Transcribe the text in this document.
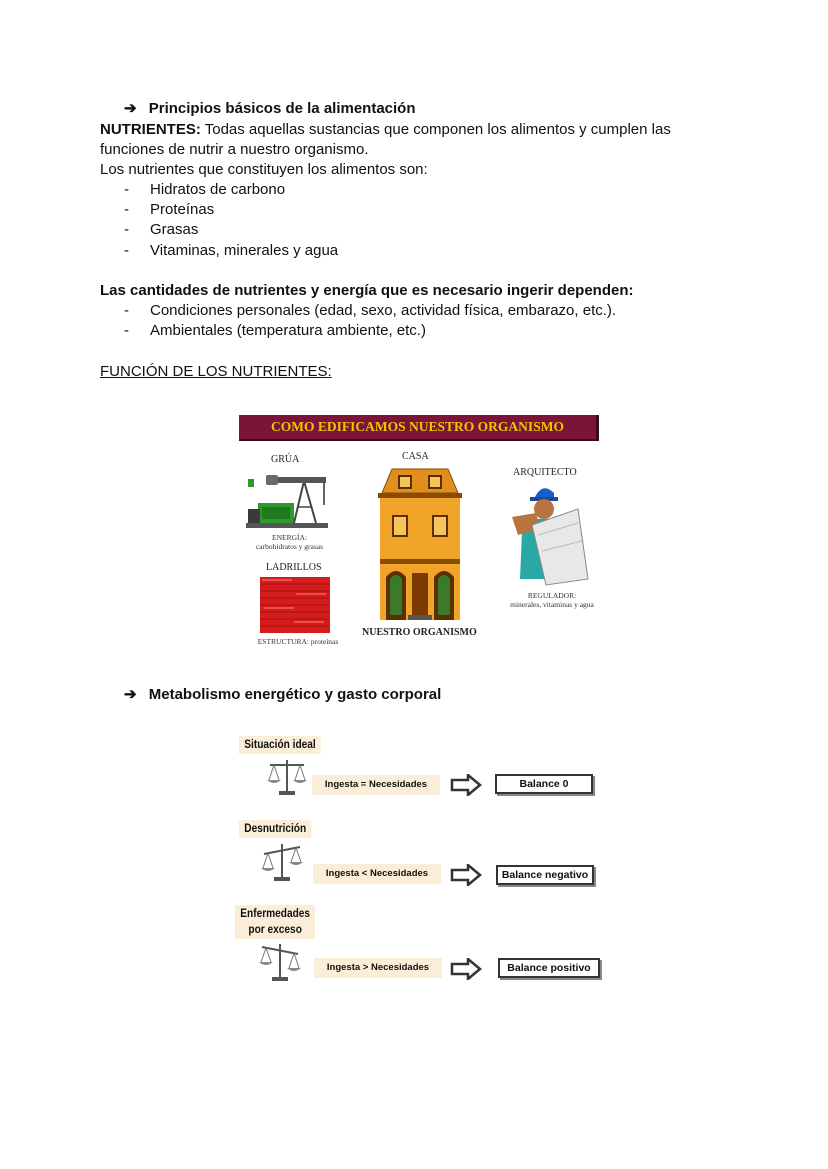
➔ Principios básicos de la alimentación
NUTRIENTES: Todas aquellas sustancias que componen los alimentos y cumplen las
funciones de nutrir a nuestro organismo.
Los nutrientes que constituyen los alimentos son:
- Hidratos de carbono
- Proteínas
- Grasas
- Vitaminas, minerales y agua
Las cantidades de nutrientes y energía que es necesario ingerir dependen:
- Condiciones personales (edad, sexo, actividad física, embarazo, etc.).
- Ambientales (temperatura ambiente, etc.)
FUNCIÓN DE LOS NUTRIENTES:
COMO EDIFICAMOS NUESTRO ORGANISMO
GRÚA
ENERGÍA:
carbohidratos y grasas
LADRILLOS
ESTRUCTURA: proteínas
CASA
NUESTRO ORGANISMO
ARQUITECTO
REGULADOR:
minerales, vitaminas y agua
➔ Metabolismo energético y gasto corporal
Situación ideal
Ingesta = Necesidades	Balance 0
Desnutrición
Ingesta < Necesidades	Balance negativo
Enfermedades
por exceso
Ingesta > Necesidades	Balance positivo
